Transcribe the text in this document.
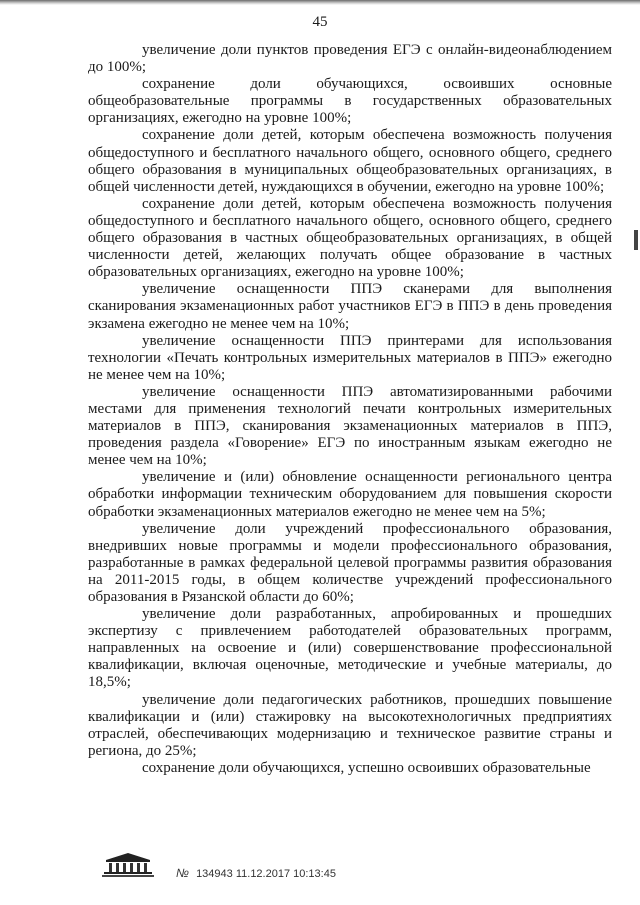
45

увеличение доли пунктов проведения ЕГЭ с онлайн-видеонаблюдением до 100%;

сохранение доли обучающихся, освоивших основные общеобразовательные программы в государственных образовательных организациях, ежегодно на уровне 100%;

сохранение доли детей, которым обеспечена возможность получения общедоступного и бесплатного начального общего, основного общего, среднего общего образования в муниципальных общеобразовательных организациях, в общей численности детей, нуждающихся в обучении, ежегодно на уровне 100%;

сохранение доли детей, которым обеспечена возможность получения общедоступного и бесплатного начального общего, основного общего, среднего общего образования в частных общеобразовательных организациях, в общей численности детей, желающих получать общее образование в частных образовательных организациях, ежегодно на уровне 100%;

увеличение оснащенности ППЭ сканерами для выполнения сканирования экзаменационных работ участников ЕГЭ в ППЭ в день проведения экзамена ежегодно не менее чем на 10%;

увеличение оснащенности ППЭ принтерами для использования технологии «Печать контрольных измерительных материалов в ППЭ» ежегодно не менее чем на 10%;

увеличение оснащенности ППЭ автоматизированными рабочими местами для применения технологий печати контрольных измерительных материалов в ППЭ, сканирования экзаменационных материалов в ППЭ, проведения раздела «Говорение» ЕГЭ по иностранным языкам ежегодно не менее чем на 10%;

увеличение и (или) обновление оснащенности регионального центра обработки информации техническим оборудованием для повышения скорости обработки экзаменационных материалов ежегодно не менее чем на 5%;

увеличение доли учреждений профессионального образования, внедривших новые программы и модели профессионального образования, разработанные в рамках федеральной целевой программы развития образования на 2011-2015 годы, в общем количестве учреждений профессионального образования в Рязанской области до 60%;

увеличение доли разработанных, апробированных и прошедших экспертизу с привлечением работодателей образовательных программ, направленных на освоение и (или) совершенствование профессиональной квалификации, включая оценочные, методические и учебные материалы, до 18,5%;

увеличение доли педагогических работников, прошедших повышение квалификации и (или) стажировку на высокотехнологичных предприятиях отраслей, обеспечивающих модернизацию и техническое развитие страны и региона, до 25%;

сохранение доли обучающихся, успешно освоивших образовательные

№ 134943 11.12.2017 10:13:45
